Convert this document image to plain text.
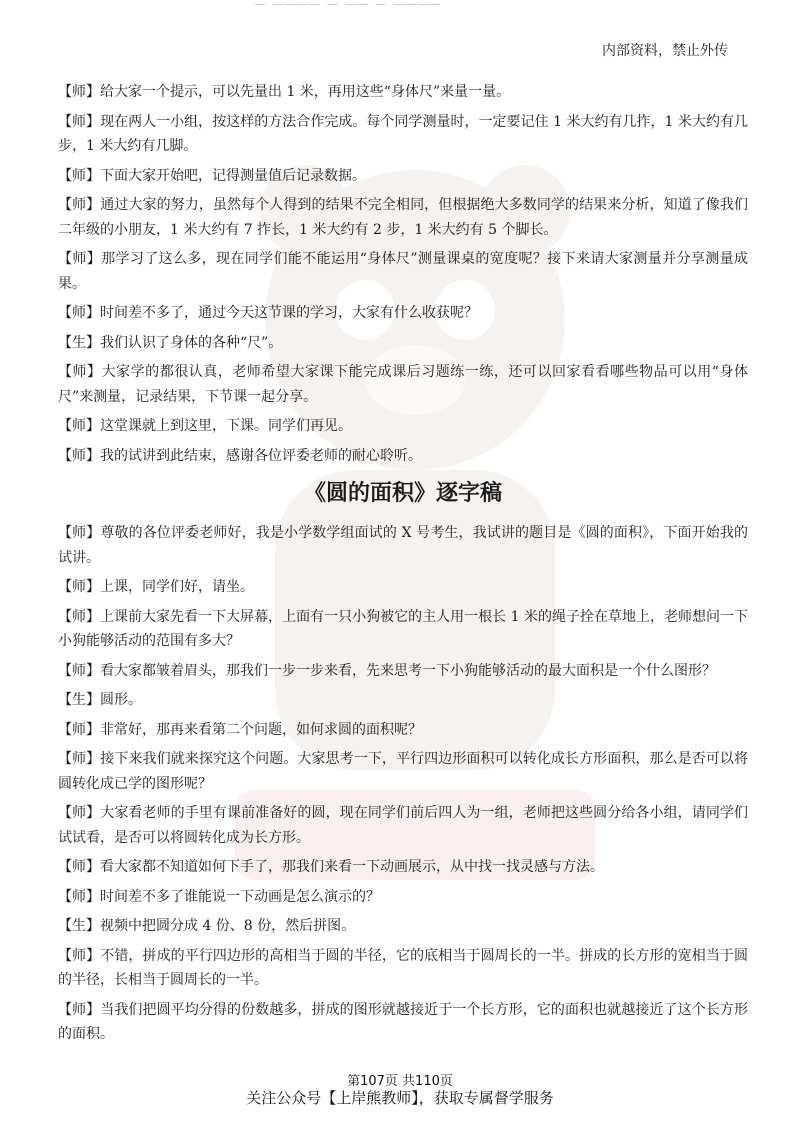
▔ ▔▔▔▔ ▔ ▔▔ ▔ ▔▔▔▔
内部资料，禁止外传

【师】给大家一个提示，可以先量出 1 米，再用这些“身体尺”来量一量。

【师】现在两人一小组，按这样的方法合作完成。每个同学测量时，一定要记住 1 米大约有几拃，1 米大约有几步，1 米大约有几脚。

【师】下面大家开始吧，记得测量值后记录数据。

【师】通过大家的努力，虽然每个人得到的结果不完全相同，但根据绝大多数同学的结果来分析，知道了像我们二年级的小朋友，1 米大约有 7 拃长，1 米大约有 2 步，1 米大约有 5 个脚长。

【师】那学习了这么多，现在同学们能不能运用“身体尺”测量课桌的宽度呢？接下来请大家测量并分享测量成果。

【师】时间差不多了，通过今天这节课的学习，大家有什么收获呢？

【生】我们认识了身体的各种“尺”。

【师】大家学的都很认真，老师希望大家课下能完成课后习题练一练，还可以回家看看哪些物品可以用“身体尺”来测量，记录结果，下节课一起分享。

【师】这堂课就上到这里，下课。同学们再见。

【师】我的试讲到此结束，感谢各位评委老师的耐心聆听。

《圆的面积》逐字稿

【师】尊敬的各位评委老师好，我是小学数学组面试的 X 号考生，我试讲的题目是《圆的面积》，下面开始我的试讲。

【师】上课，同学们好，请坐。

【师】上课前大家先看一下大屏幕，上面有一只小狗被它的主人用一根长 1 米的绳子拴在草地上，老师想问一下小狗能够活动的范围有多大？

【师】看大家都皱着眉头，那我们一步一步来看，先来思考一下小狗能够活动的最大面积是一个什么图形？

【生】圆形。

【师】非常好，那再来看第二个问题，如何求圆的面积呢？

【师】接下来我们就来探究这个问题。大家思考一下，平行四边形面积可以转化成长方形面积，那么是否可以将圆转化成已学的图形呢？

【师】大家看老师的手里有课前准备好的圆，现在同学们前后四人为一组，老师把这些圆分给各小组，请同学们试试看，是否可以将圆转化成为长方形。

【师】看大家都不知道如何下手了，那我们来看一下动画展示，从中找一找灵感与方法。

【师】时间差不多了谁能说一下动画是怎么演示的？

【生】视频中把圆分成 4 份、8 份，然后拼图。

【师】不错，拼成的平行四边形的高相当于圆的半径，它的底相当于圆周长的一半。拼成的长方形的宽相当于圆的半径，长相当于圆周长的一半。

【师】当我们把圆平均分得的份数越多，拼成的图形就越接近于一个长方形，它的面积也就越接近了这个长方形的面积。

第107页 共110页
关注公众号【上岸熊教师】，获取专属督学服务
